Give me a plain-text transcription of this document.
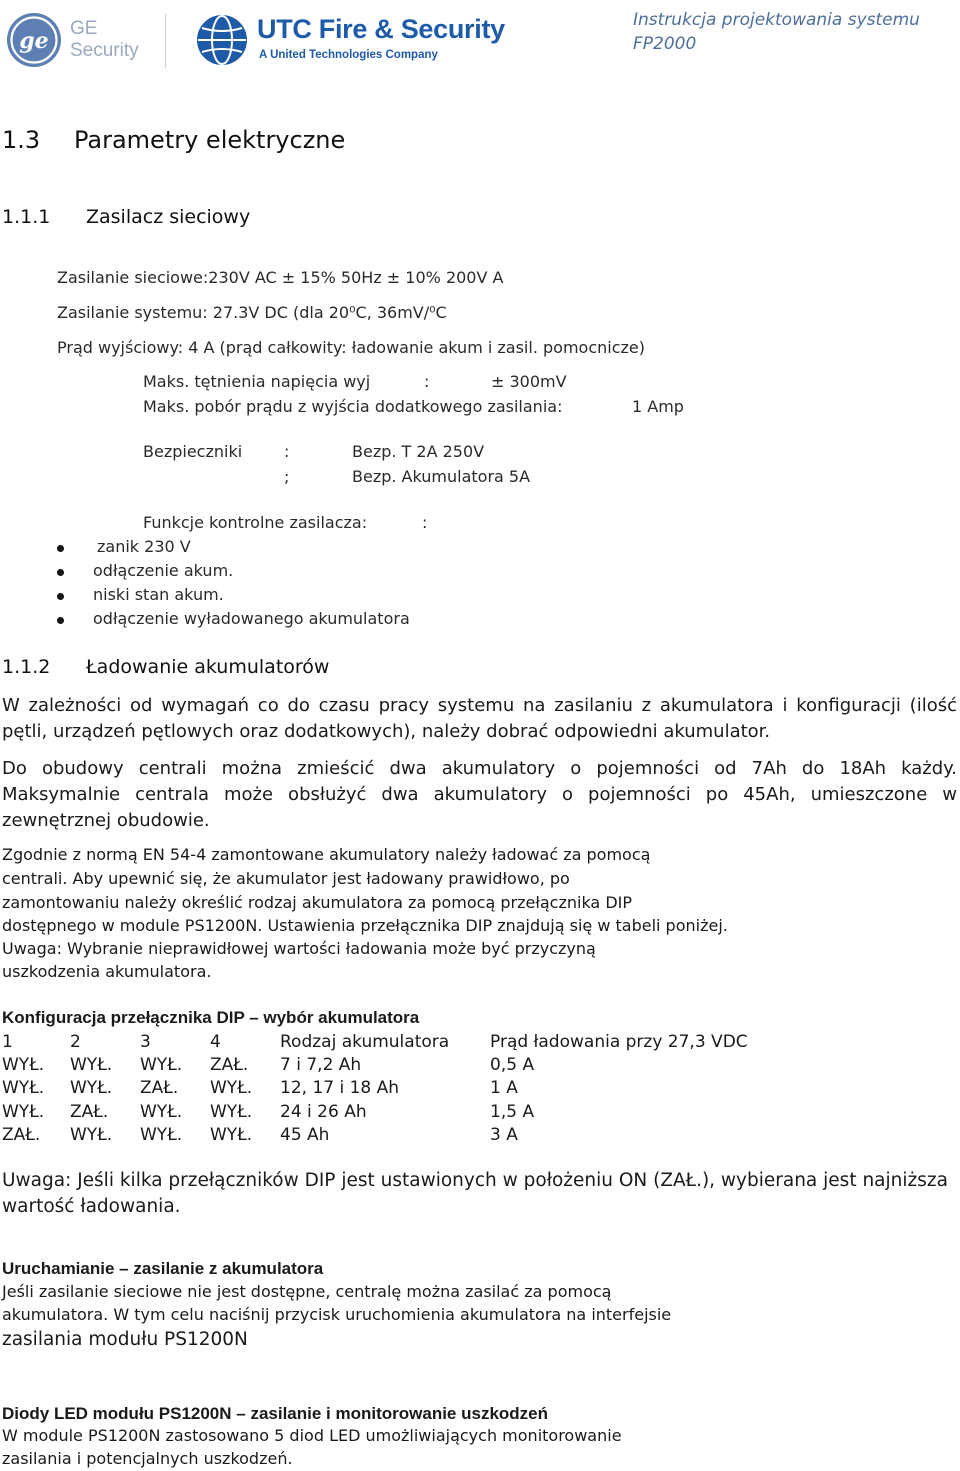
ge GE
Security
UTC Fire & Security
A United Technologies Company
Instrukcja projektowania systemu
FP2000
1.3 Parametry elektryczne
1.1.1 Zasilacz sieciowy
Zasilanie sieciowe:230V AC ± 15% 50Hz ± 10% 200V A
Zasilanie systemu: 27.3V DC (dla 20⁰C, 36mV/⁰C
Prąd wyjściowy: 4 A (prąd całkowity: ładowanie akum i zasil. pomocnicze)
Maks. tętnienia napięcia wyj	:	± 300mV
Maks. pobór prądu z wyjścia dodatkowego zasilania:	1 Amp
Bezpieczniki	:	Bezp. T 2A 250V
;	Bezp. Akumulatora 5A
Funkcje kontrolne zasilacza:	:
zanik 230 V
odłączenie akum.
niski stan akum.
odłączenie wyładowanego akumulatora
1.1.2 Ładowanie akumulatorów
W zależności od wymagań co do czasu pracy systemu na zasilaniu z akumulatora i konfiguracji (ilość pętli, urządzeń pętlowych oraz dodatkowych), należy dobrać odpowiedni akumulator.
Do obudowy centrali można zmieścić dwa akumulatory o pojemności od 7Ah do 18Ah każdy. Maksymalnie centrala może obsłużyć dwa akumulatory o pojemności po 45Ah, umieszczone w zewnętrznej obudowie.
Zgodnie z normą EN 54-4 zamontowane akumulatory należy ładować za pomocą
centrali. Aby upewnić się, że akumulator jest ładowany prawidłowo, po
zamontowaniu należy określić rodzaj akumulatora za pomocą przełącznika DIP
dostępnego w module PS1200N. Ustawienia przełącznika DIP znajdują się w tabeli poniżej.
Uwaga: Wybranie nieprawidłowej wartości ładowania może być przyczyną
uszkodzenia akumulatora.
Konfiguracja przełącznika DIP – wybór akumulatora
1	2	3	4	Rodzaj akumulatora	Prąd ładowania przy 27,3 VDC
WYŁ.	WYŁ.	WYŁ.	ZAŁ.	7 i 7,2 Ah	0,5 A
WYŁ.	WYŁ.	ZAŁ.	WYŁ.	12, 17 i 18 Ah	1 A
WYŁ.	ZAŁ.	WYŁ.	WYŁ.	24 i 26 Ah	1,5 A
ZAŁ.	WYŁ.	WYŁ.	WYŁ.	45 Ah	3 A
Uwaga: Jeśli kilka przełączników DIP jest ustawionych w położeniu ON (ZAŁ.), wybierana jest najniższa
wartość ładowania.
Uruchamianie – zasilanie z akumulatora
Jeśli zasilanie sieciowe nie jest dostępne, centralę można zasilać za pomocą
akumulatora. W tym celu naciśnij przycisk uruchomienia akumulatora na interfejsie
zasilania modułu PS1200N
Diody LED modułu PS1200N – zasilanie i monitorowanie uszkodzeń
W module PS1200N zastosowano 5 diod LED umożliwiających monitorowanie
zasilania i potencjalnych uszkodzeń.
